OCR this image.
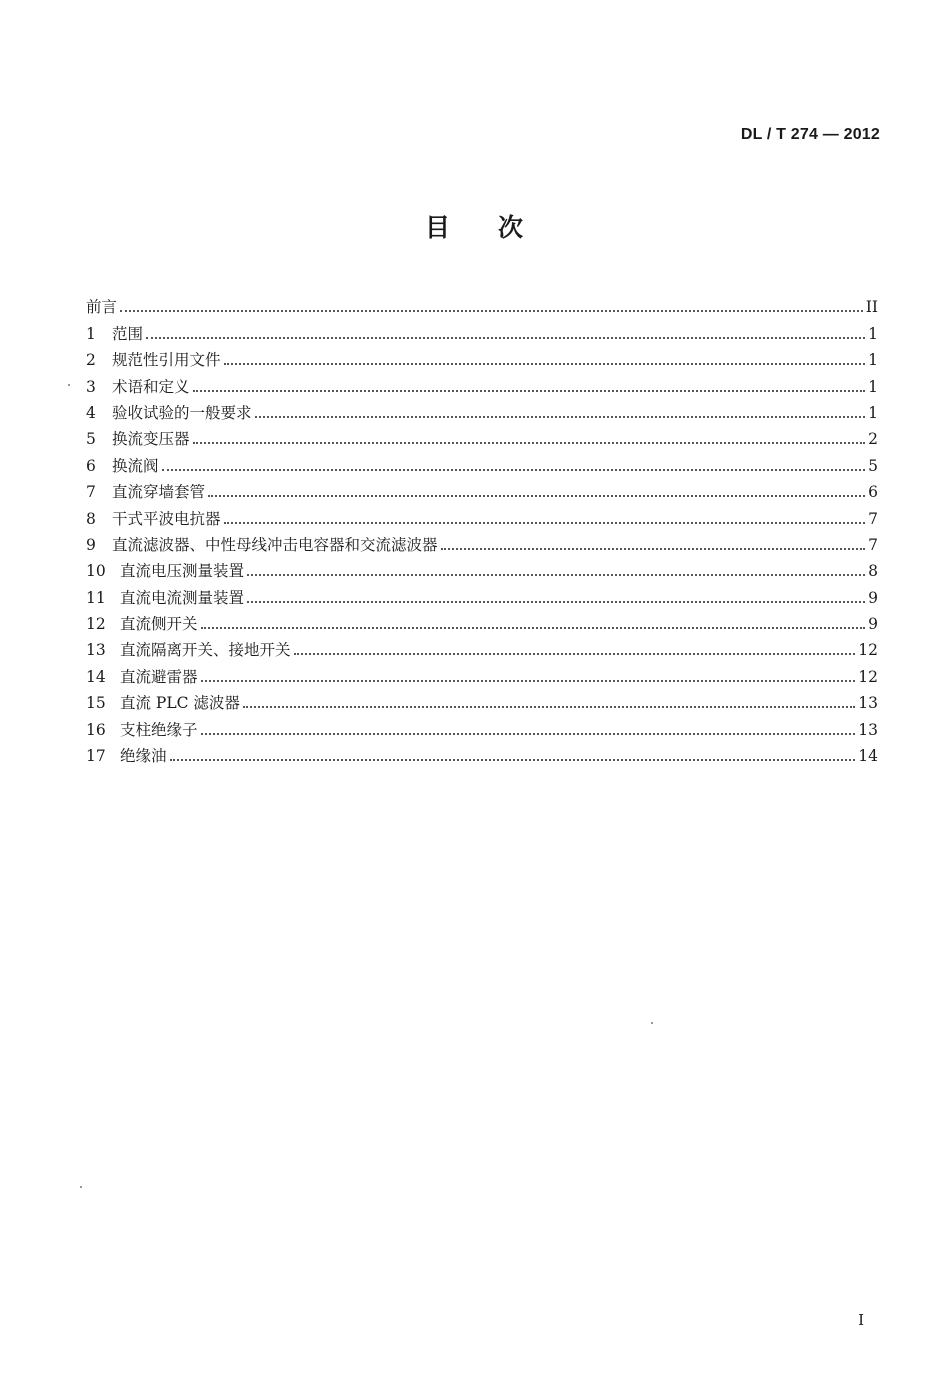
DL / T 274 — 2012
目 次
前言	II
1	范围	1
2	规范性引用文件	1
3	术语和定义	1
4	验收试验的一般要求	1
5	换流变压器	2
6	换流阀	5
7	直流穿墙套管	6
8	干式平波电抗器	7
9	直流滤波器、中性母线冲击电容器和交流滤波器	7
10 直流电压测量装置	8
11 直流电流测量装置	9
12 直流侧开关	9
13 直流隔离开关、接地开关	12
14 直流避雷器	12
15 直流 PLC 滤波器	13
16 支柱绝缘子	13
17 绝缘油	14
I
